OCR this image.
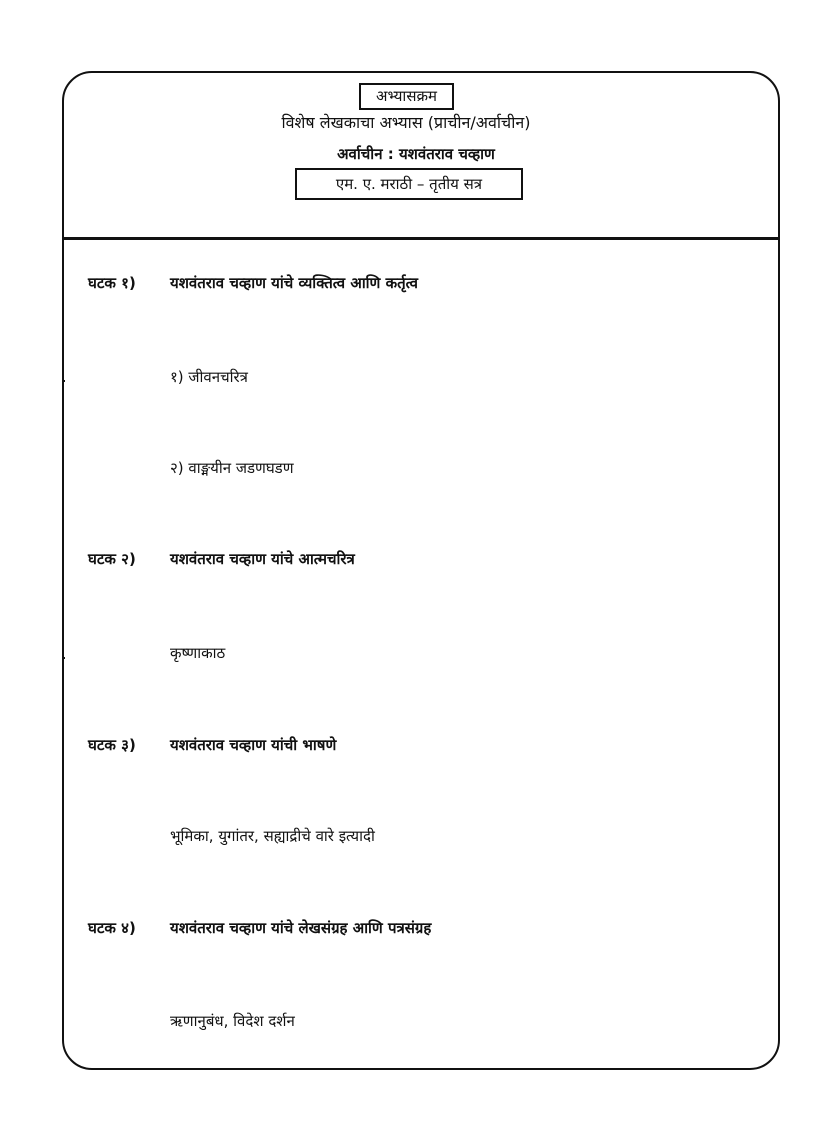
अभ्यासक्रम
विशेष लेखकाचा अभ्यास (प्राचीन/अर्वाचीन)
अर्वाचीन : यशवंतराव चव्हाण
एम. ए. मराठी – तृतीय सत्र
घटक १) यशवंतराव चव्हाण यांचे व्यक्तित्व आणि कर्तृत्व
१) जीवनचरित्र
२) वाङ्मयीन जडणघडण
घटक २) यशवंतराव चव्हाण यांचे आत्मचरित्र
कृष्णाकाठ
घटक ३) यशवंतराव चव्हाण यांची भाषणे
भूमिका, युगांतर, सह्याद्रीचे वारे इत्यादी
घटक ४) यशवंतराव चव्हाण यांचे लेखसंग्रह आणि पत्रसंग्रह
ऋणानुबंध, विदेश दर्शन
